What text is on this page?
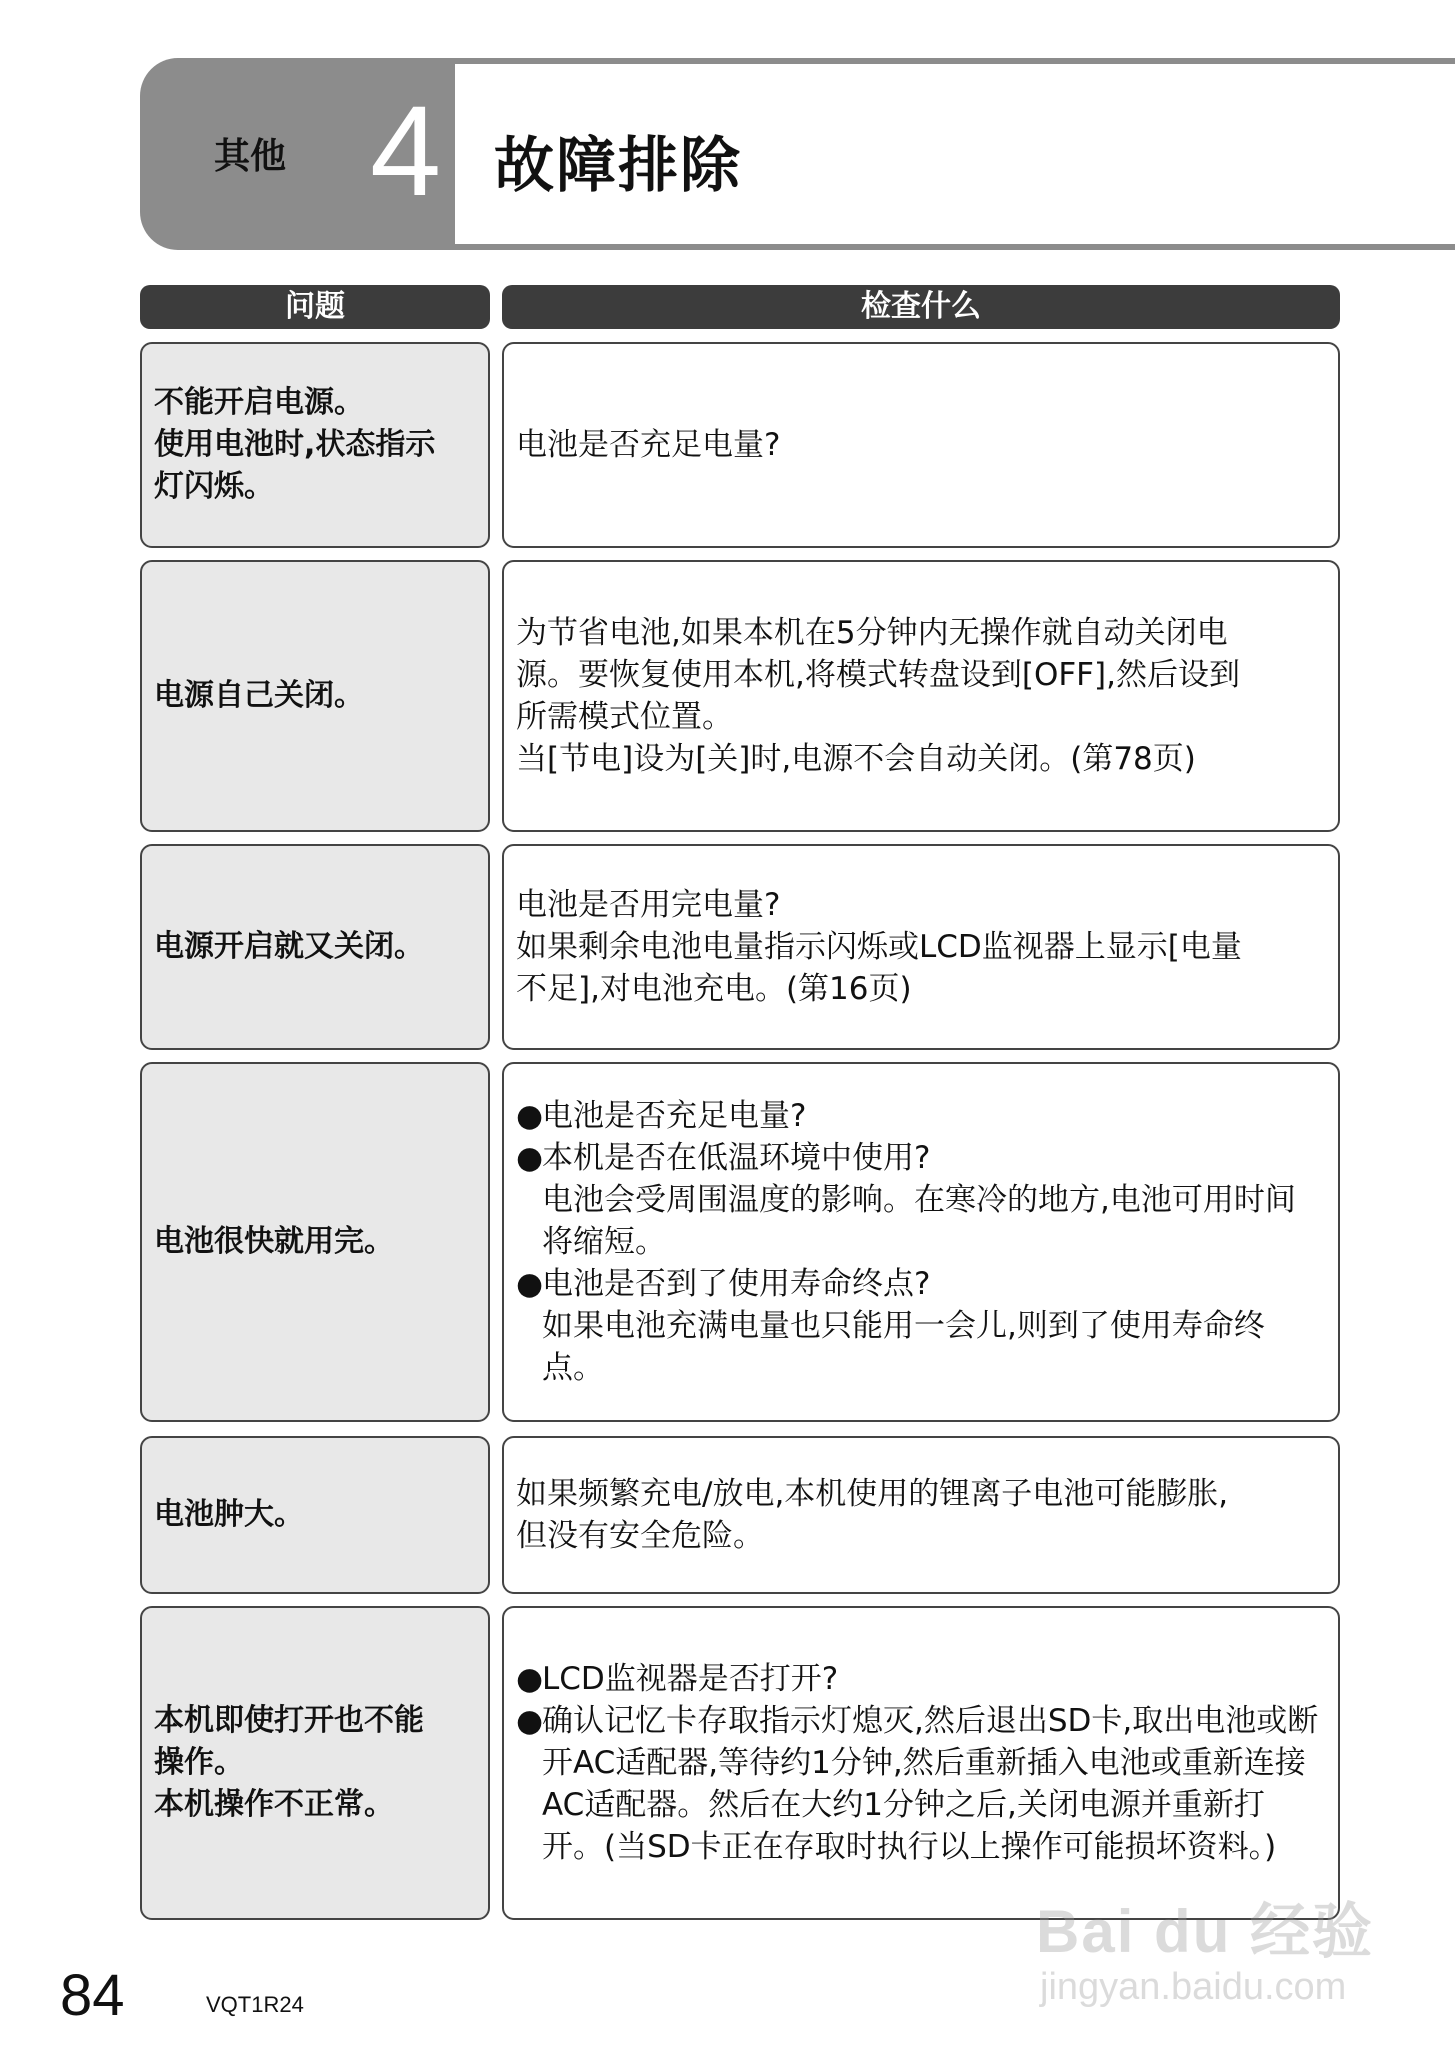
其他 4 故障排除
问题	检查什么
不能开启电源。
使用电池时,状态指示
灯闪烁。
电池是否充足电量?
电源自己关闭。
为节省电池,如果本机在5分钟内无操作就自动关闭电
源。要恢复使用本机,将模式转盘设到[OFF],然后设到
所需模式位置。
当[节电]设为[关]时,电源不会自动关闭。(第78页)
电源开启就又关闭。
电池是否用完电量?
如果剩余电池电量指示闪烁或LCD监视器上显示[电量
不足],对电池充电。(第16页)
电池很快就用完。
●电池是否充足电量?
●本机是否在低温环境中使用?
电池会受周围温度的影响。在寒冷的地方,电池可用时间将缩短。
●电池是否到了使用寿命终点?
如果电池充满电量也只能用一会儿,则到了使用寿命终点。
电池肿大。
如果频繁充电/放电,本机使用的锂离子电池可能膨胀,
但没有安全危险。
本机即使打开也不能
操作。
本机操作不正常。
●LCD监视器是否打开?
●确认记忆卡存取指示灯熄灭,然后退出SD卡,取出电池或断开AC适配器,等待约1分钟,然后重新插入电池或重新连接AC适配器。然后在大约1分钟之后,关闭电源并重新打开。(当SD卡正在存取时执行以上操作可能损坏资料。)
84	VQT1R24
Bai du 经验
jingyan.baidu.com
